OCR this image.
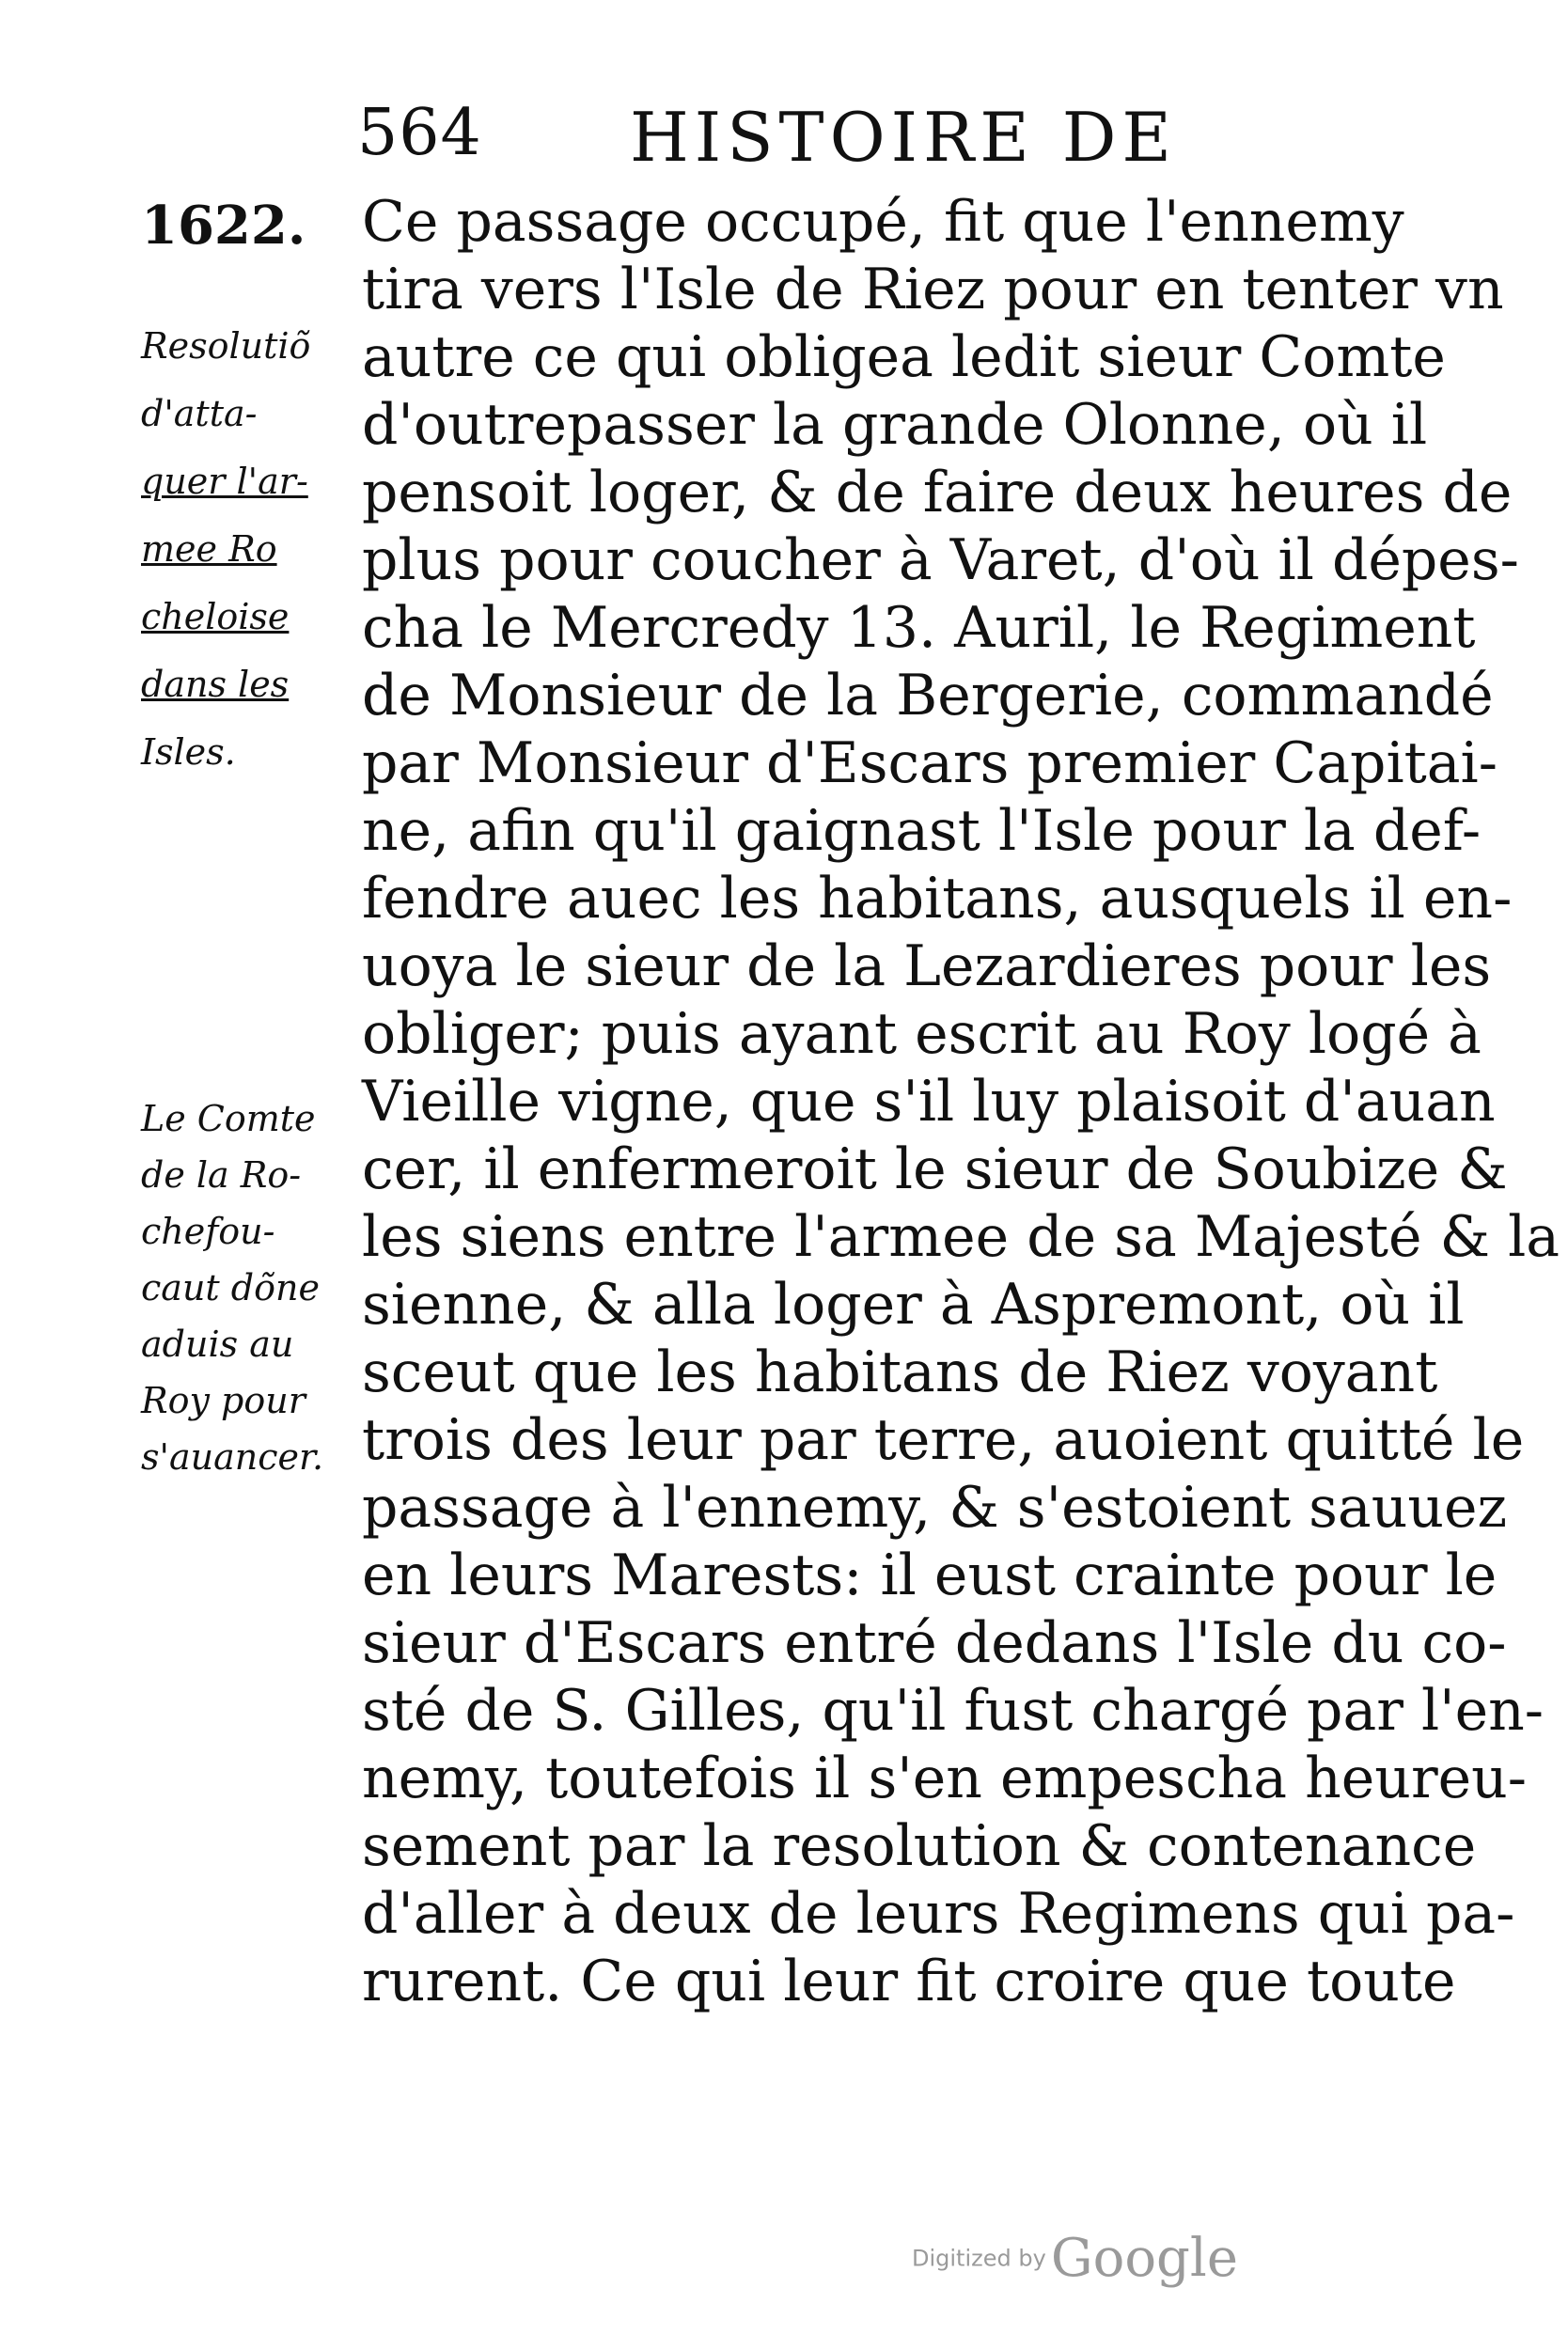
564 HISTOIRE DE
1622.
Resolutiõ
d'atta-
quer l'ar-
mee Ro
cheloise
dans les
Isles.
Le Comte
de la Ro-
chefou-
caut dõne
aduis au
Roy pour
s'auancer.
Ce passage occupé, fit que l'ennemy
tira vers l'Isle de Riez pour en tenter vn
autre ce qui obligea ledit sieur Comte
d'outrepasser la grande Olonne, où il
pensoit loger, & de faire deux heures de
plus pour coucher à Varet, d'où il dépes-
cha le Mercredy 13. Auril, le Regiment
de Monsieur de la Bergerie, commandé
par Monsieur d'Escars premier Capitai-
ne, afin qu'il gaignast l'Isle pour la def-
fendre auec les habitans, ausquels il en-
uoya le sieur de la Lezardieres pour les
obliger; puis ayant escrit au Roy logé à
Vieille vigne, que s'il luy plaisoit d'auan
cer, il enfermeroit le sieur de Soubize &
les siens entre l'armee de sa Majesté & la
sienne, & alla loger à Aspremont, où il
sceut que les habitans de Riez voyant
trois des leur par terre, auoient quitté le
passage à l'ennemy, & s'estoient sauuez
en leurs Marests: il eust crainte pour le
sieur d'Escars entré dedans l'Isle du co-
sté de S. Gilles, qu'il fust chargé par l'en-
nemy, toutefois il s'en empescha heureu-
sement par la resolution & contenance
d'aller à deux de leurs Regimens qui pa-
rurent. Ce qui leur fit croire que toute
Digitized by Google
